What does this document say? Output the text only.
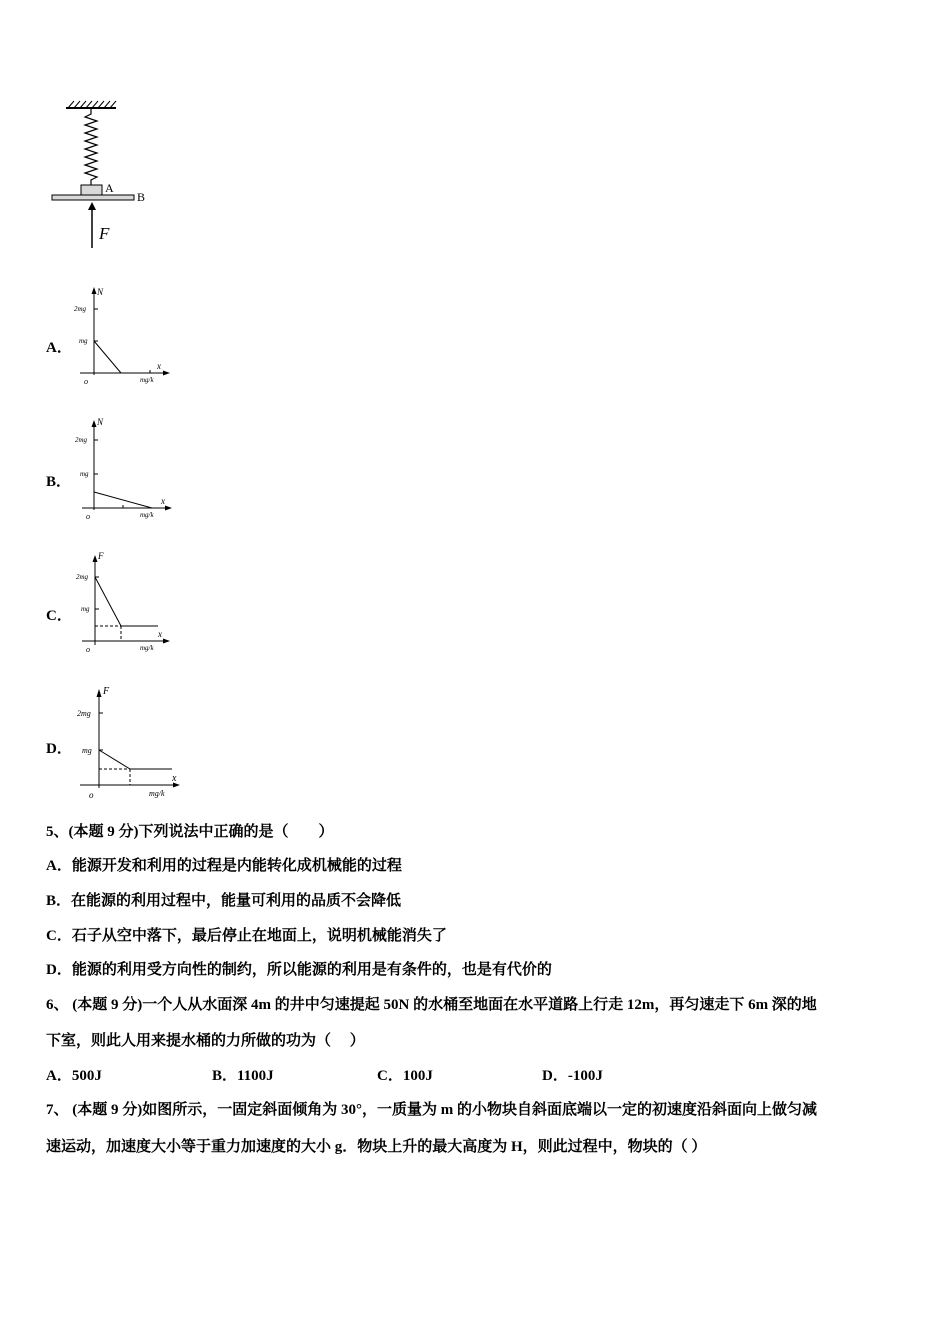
A
B
F
A．
N
2mg
mg
x
o	mg/k
B．
N
2mg
mg
x
o	mg/k
C．
F
2mg
mg
x
o	mg/k
D．
F
2mg
mg
x
o	mg/k
5、(本题 9 分)下列说法中正确的是（　　）
A．能源开发和利用的过程是内能转化成机械能的过程
B．在能源的利用过程中，能量可利用的品质不会降低
C．石子从空中落下，最后停止在地面上，说明机械能消失了
D．能源的利用受方向性的制约，所以能源的利用是有条件的，也是有代价的
6、 (本题 9 分)一个人从水面深 4m 的井中匀速提起 50N 的水桶至地面在水平道路上行走 12m，再匀速走下 6m 深的地
下室，则此人用来提水桶的力所做的功为（　 ）
A．500J	B．1100J	C．100J	D．-100J
7、 (本题 9 分)如图所示，一固定斜面倾角为 30°，一质量为 m 的小物块自斜面底端以一定的初速度沿斜面向上做匀减
速运动，加速度大小等于重力加速度的大小 g．物块上升的最大高度为 H，则此过程中，物块的（ ）
